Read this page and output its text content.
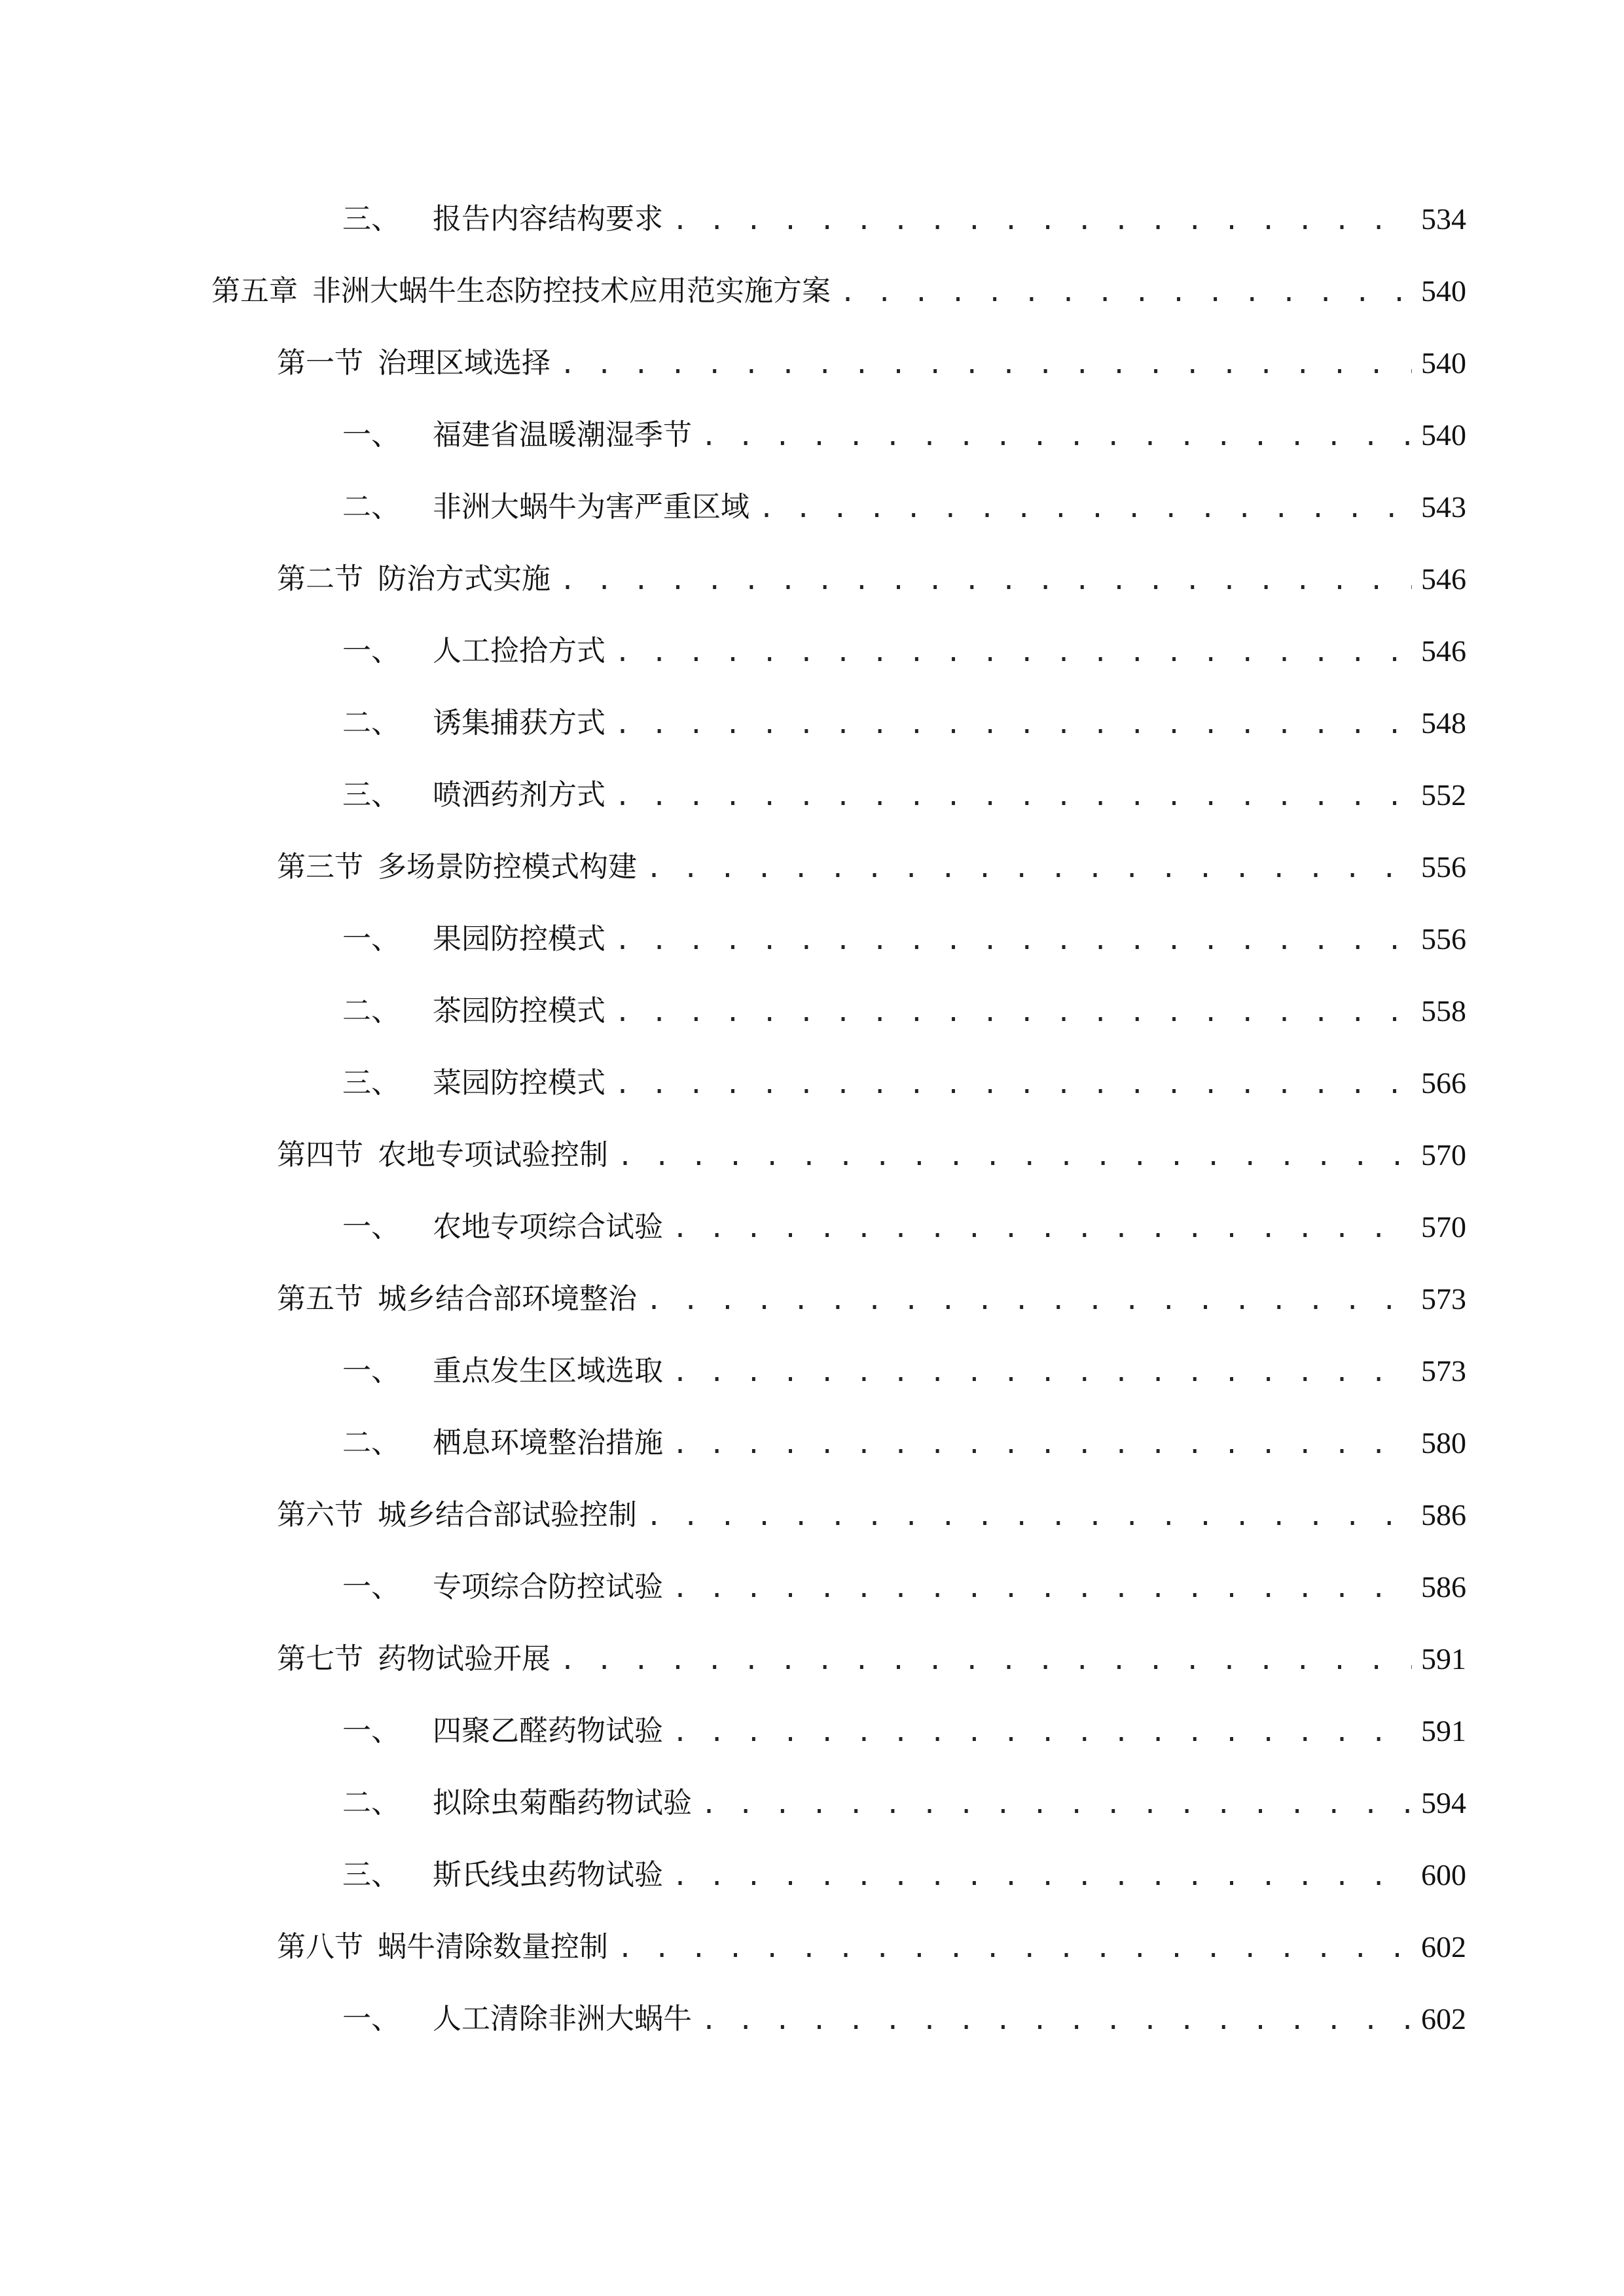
三、 报告内容结构要求 . . .	534
第五章 非洲大蜗牛生态防控技术应用范实施方案 . . .	540
第一节 治理区域选择 . . .	540
一、 福建省温暖潮湿季节 . . .	540
二、 非洲大蜗牛为害严重区域 . . .	543
第二节 防治方式实施 . . .	546
一、 人工捡拾方式 . . .	546
二、 诱集捕获方式 . . .	548
三、 喷洒药剂方式 . . .	552
第三节 多场景防控模式构建 . . .	556
一、 果园防控模式 . . .	556
二、 茶园防控模式 . . .	558
三、 菜园防控模式 . . .	566
第四节 农地专项试验控制 . . .	570
一、 农地专项综合试验 . . .	570
第五节 城乡结合部环境整治 . . .	573
一、 重点发生区域选取 . . .	573
二、 栖息环境整治措施 . . .	580
第六节 城乡结合部试验控制 . . .	586
一、 专项综合防控试验 . . .	586
第七节 药物试验开展 . . .	591
一、 四聚乙醛药物试验 . . .	591
二、 拟除虫菊酯药物试验 . . .	594
三、 斯氏线虫药物试验 . . .	600
第八节 蜗牛清除数量控制 . . .	602
一、 人工清除非洲大蜗牛 . . .	602
